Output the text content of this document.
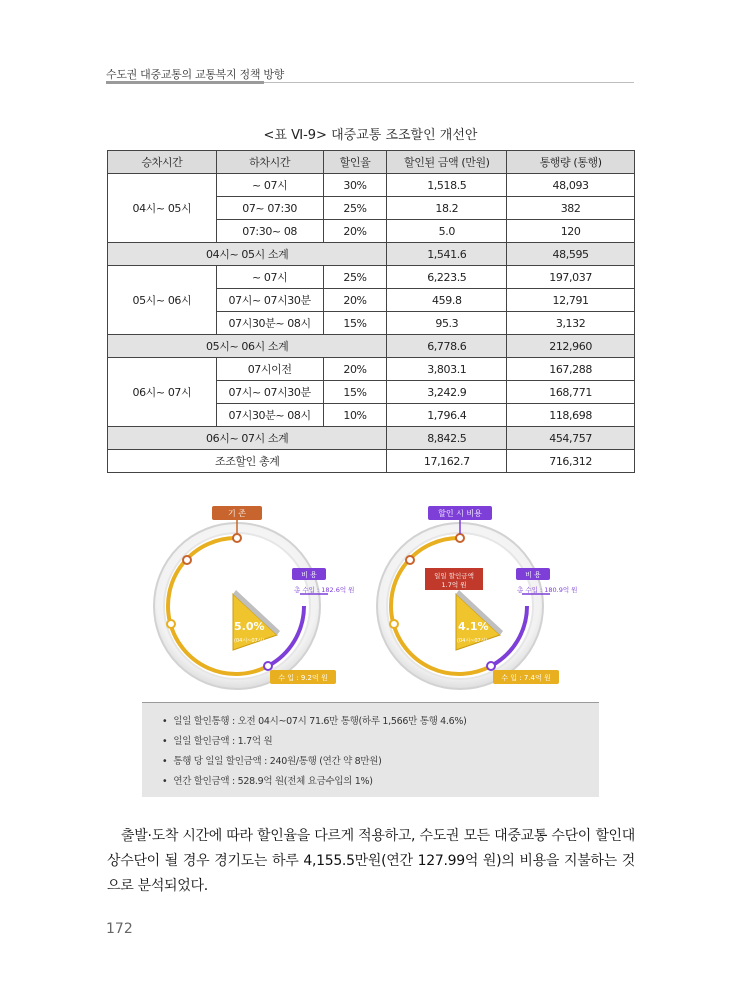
수도권 대중교통의 교통복지 정책 방향
<표 Ⅵ-9> 대중교통 조조할인 개선안
승차시간	하차시간	할인율	할인된 금액 (만원)	통행량 (통행)
04시~ 05시	~ 07시	30%	1,518.5	48,093
	07~ 07:30	25%	18.2	382
	07:30~ 08	20%	5.0	120
04시~ 05시 소계			1,541.6	48,595
05시~ 06시	~ 07시	25%	6,223.5	197,037
	07시~ 07시30분	20%	459.8	12,791
	07시30분~ 08시	15%	95.3	3,132
05시~ 06시 소계			6,778.6	212,960
06시~ 07시	07시이전	20%	3,803.1	167,288
	07시~ 07시30분	15%	3,242.9	168,771
	07시30분~ 08시	10%	1,796.4	118,698
06시~ 07시 소계			8,842.5	454,757
조조할인 총계			17,162.7	716,312
5.0%
(04시~07시)
기 존
비 용
총 수입 : 182.6억 원
수 입 : 9.2억 원
일일 할인금액
1.7억 원
4.1%
(04시~07시)
할인 시 비용
비 용
총 수입 : 180.9억 원
수 입 : 7.4억 원
• 일일 할인통행 : 오전 04시~07시 71.6만 통행(하루 1,566만 통행 4.6%)
• 일일 할인금액 : 1.7억 원
• 통행 당 일일 할인금액 : 240원/통행 (연간 약 8만원)
• 연간 할인금액 : 528.9억 원(전체 요금수입의 1%)

출발·도착 시간에 따라 할인율을 다르게 적용하고, 수도권 모든 대중교통 수단이 할인대상수단이 될 경우 경기도는 하루 4,155.5만원(연간 127.99억 원)의 비용을 지불하는 것으로 분석되었다.

172
